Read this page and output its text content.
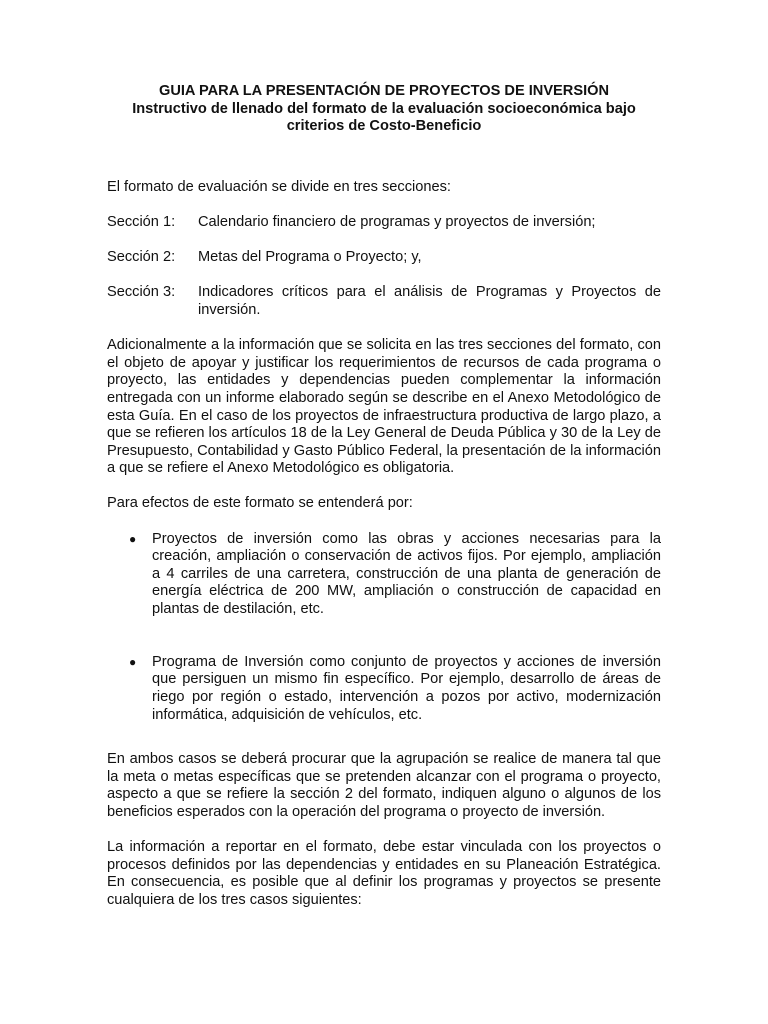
GUIA PARA LA PRESENTACIÓN DE PROYECTOS DE INVERSIÓN
Instructivo de llenado del formato de la evaluación socioeconómica bajo
criterios de Costo-Beneficio

El formato de evaluación se divide en tres secciones:

Sección 1:	Calendario financiero de programas y proyectos de inversión;
Sección 2:	Metas del Programa o Proyecto; y,
Sección 3:	Indicadores críticos para el análisis de Programas y Proyectos de inversión.

Adicionalmente a la información que se solicita en las tres secciones del formato, con el objeto de apoyar y justificar los requerimientos de recursos de cada programa o proyecto, las entidades y dependencias pueden complementar la información entregada con un informe elaborado según se describe en el Anexo Metodológico de esta Guía. En el caso de los proyectos de infraestructura productiva de largo plazo, a que se refieren los artículos 18 de la Ley General de Deuda Pública y 30 de la Ley de Presupuesto, Contabilidad y Gasto Público Federal, la presentación de la información a que se refiere el Anexo Metodológico es obligatoria.

Para efectos de este formato se entenderá por:

●	Proyectos de inversión como las obras y acciones necesarias para la creación, ampliación o conservación de activos fijos. Por ejemplo, ampliación a 4 carriles de una carretera, construcción de una planta de generación de energía eléctrica de 200 MW, ampliación o construcción de capacidad en plantas de destilación, etc.
●	Programa de Inversión como conjunto de proyectos y acciones de inversión que persiguen un mismo fin específico. Por ejemplo, desarrollo de áreas de riego por región o estado, intervención a pozos por activo, modernización informática, adquisición de vehículos, etc.

En ambos casos se deberá procurar que la agrupación se realice de manera tal que la meta o metas específicas que se pretenden alcanzar con el programa o proyecto, aspecto a que se refiere la sección 2 del formato, indiquen alguno o algunos de los beneficios esperados con la operación del programa o proyecto de inversión.

La información a reportar en el formato, debe estar vinculada con los proyectos o procesos definidos por las dependencias y entidades en su Planeación Estratégica. En consecuencia, es posible que al definir los programas y proyectos se presente cualquiera de los tres casos siguientes:
